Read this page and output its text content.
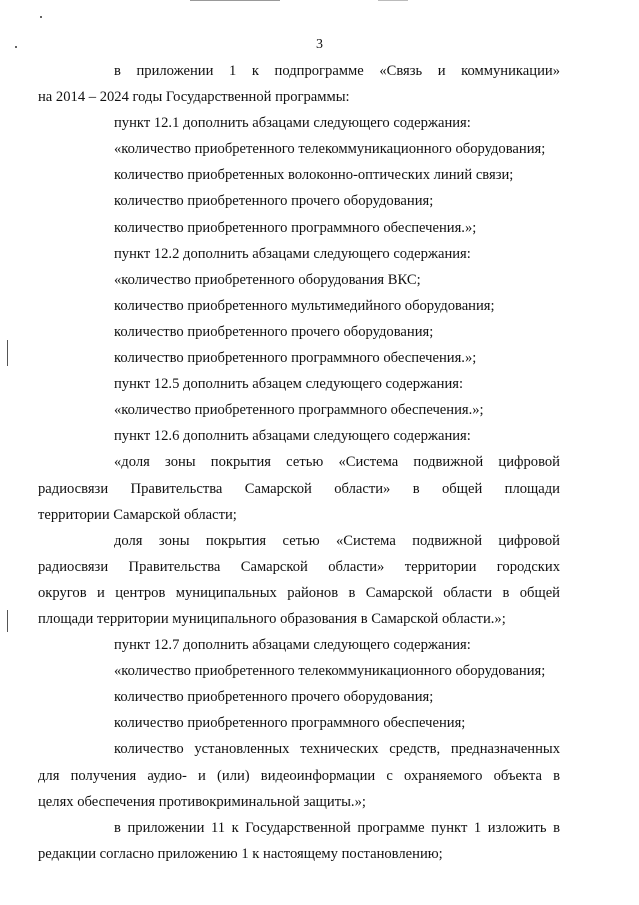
3

в приложении 1 к подпрограмме «Связь и коммуникации»
на 2014 – 2024 годы Государственной программы:

пункт 12.1 дополнить абзацами следующего содержания:

«количество приобретенного телекоммуникационного оборудования;

количество приобретенных волоконно-оптических линий связи;

количество приобретенного прочего оборудования;

количество приобретенного программного обеспечения.»;

пункт 12.2 дополнить абзацами следующего содержания:

«количество приобретенного оборудования ВКС;

количество приобретенного мультимедийного оборудования;

количество приобретенного прочего оборудования;

количество приобретенного программного обеспечения.»;

пункт 12.5 дополнить абзацем следующего содержания:

«количество приобретенного программного обеспечения.»;

пункт 12.6 дополнить абзацами следующего содержания:

«доля зоны покрытия сетью «Система подвижной цифровой
радиосвязи Правительства Самарской области» в общей площади
территории Самарской области;

доля зоны покрытия сетью «Система подвижной цифровой
радиосвязи Правительства Самарской области» территории городских
округов и центров муниципальных районов в Самарской области в общей
площади территории муниципального образования в Самарской области.»;

пункт 12.7 дополнить абзацами следующего содержания:

«количество приобретенного телекоммуникационного оборудования;

количество приобретенного прочего оборудования;

количество приобретенного программного обеспечения;

количество установленных технических средств, предназначенных
для получения аудио- и (или) видеоинформации с охраняемого объекта в
целях обеспечения противокриминальной защиты.»;

в приложении 11 к Государственной программе пункт 1 изложить в
редакции согласно приложению 1 к настоящему постановлению;
